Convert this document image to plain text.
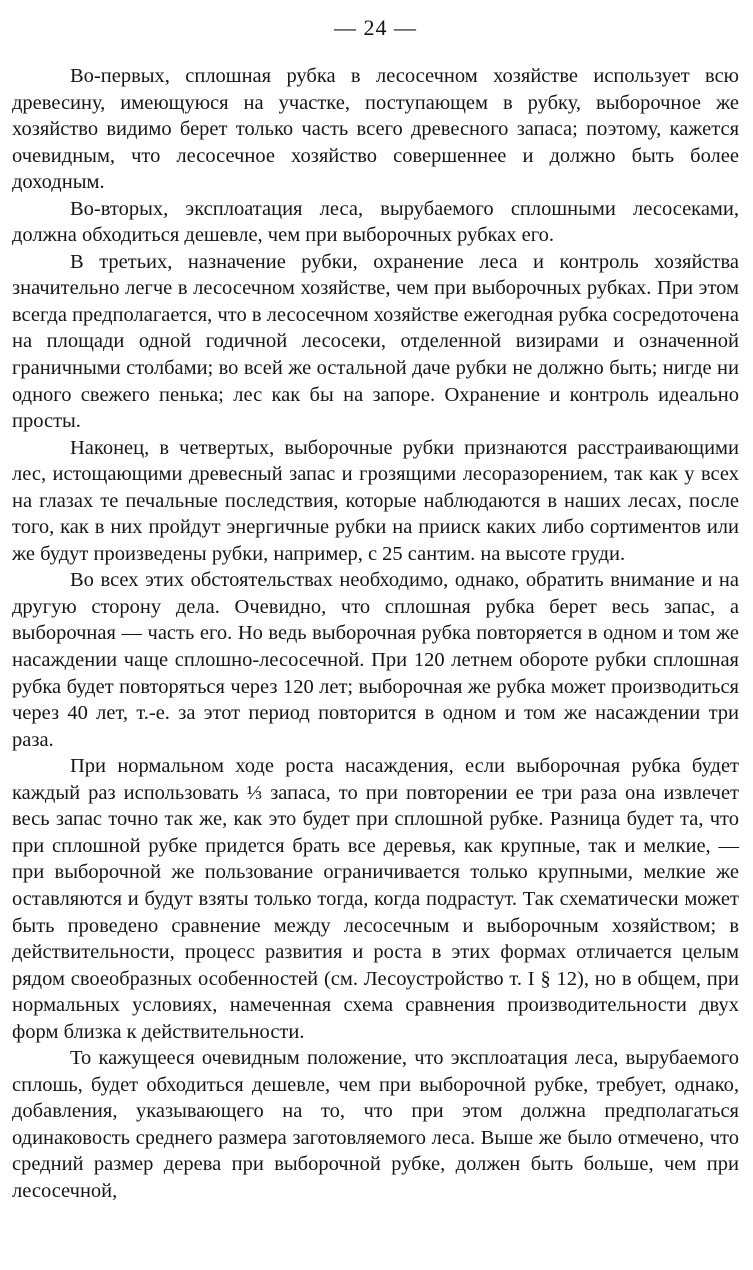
— 24 —

Во-первых, сплошная рубка в лесосечном хозяйстве использует всю древесину, имеющуюся на участке, поступающем в рубку, выборочное же хозяйство видимо берет только часть всего древесного запаса; поэтому, кажется очевидным, что лесосечное хозяйство совершеннее и должно быть более доходным.

Во-вторых, эксплоатация леса, вырубаемого сплошными лесосеками, должна обходиться дешевле, чем при выборочных рубках его.

В третьих, назначение рубки, охранение леса и контроль хозяйства значительно легче в лесосечном хозяйстве, чем при выборочных рубках. При этом всегда предполагается, что в лесосечном хозяйстве ежегодная рубка сосредоточена на площади одной годичной лесосеки, отделенной визирами и означенной граничными столбами; во всей же остальной даче рубки не должно быть; нигде ни одного свежего пенька; лес как бы на запоре. Охранение и контроль идеально просты.

Наконец, в четвертых, выборочные рубки признаются расстраивающими лес, истощающими древесный запас и грозящими лесоразорением, так как у всех на глазах те печальные последствия, которые наблюдаются в наших лесах, после того, как в них пройдут энергичные рубки на прииск каких либо сортиментов или же будут произведены рубки, например, с 25 сантим. на высоте груди.

Во всех этих обстоятельствах необходимо, однако, обратить внимание и на другую сторону дела. Очевидно, что сплошная рубка берет весь запас, а выборочная — часть его. Но ведь выборочная рубка повторяется в одном и том же насаждении чаще сплошно-лесосечной. При 120 летнем обороте рубки сплошная рубка будет повторяться через 120 лет; выборочная же рубка может производиться через 40 лет, т.-е. за этот период повторится в одном и том же насаждении три раза.

При нормальном ходе роста насаждения, если выборочная рубка будет каждый раз использовать ⅓ запаса, то при повторении ее три раза она извлечет весь запас точно так же, как это будет при сплошной рубке. Разница будет та, что при сплошной рубке придется брать все деревья, как крупные, так и мелкие, — при выборочной же пользование ограничивается только крупными, мелкие же оставляются и будут взяты только тогда, когда подрастут. Так схематически может быть проведено сравнение между лесосечным и выборочным хозяйством; в действительности, процесс развития и роста в этих формах отличается целым рядом своеобразных особенностей (см. Лесоустройство т. I § 12), но в общем, при нормальных условиях, намеченная схема сравнения производительности двух форм близка к действительности.

То кажущееся очевидным положение, что эксплоатация леса, вырубаемого сплошь, будет обходиться дешевле, чем при выборочной рубке, требует, однако, добавления, указывающего на то, что при этом должна предполагаться одинаковость среднего размера заготовляемого леса. Выше же было отмечено, что средний размер дерева при выборочной рубке, должен быть больше, чем при лесосечной,
